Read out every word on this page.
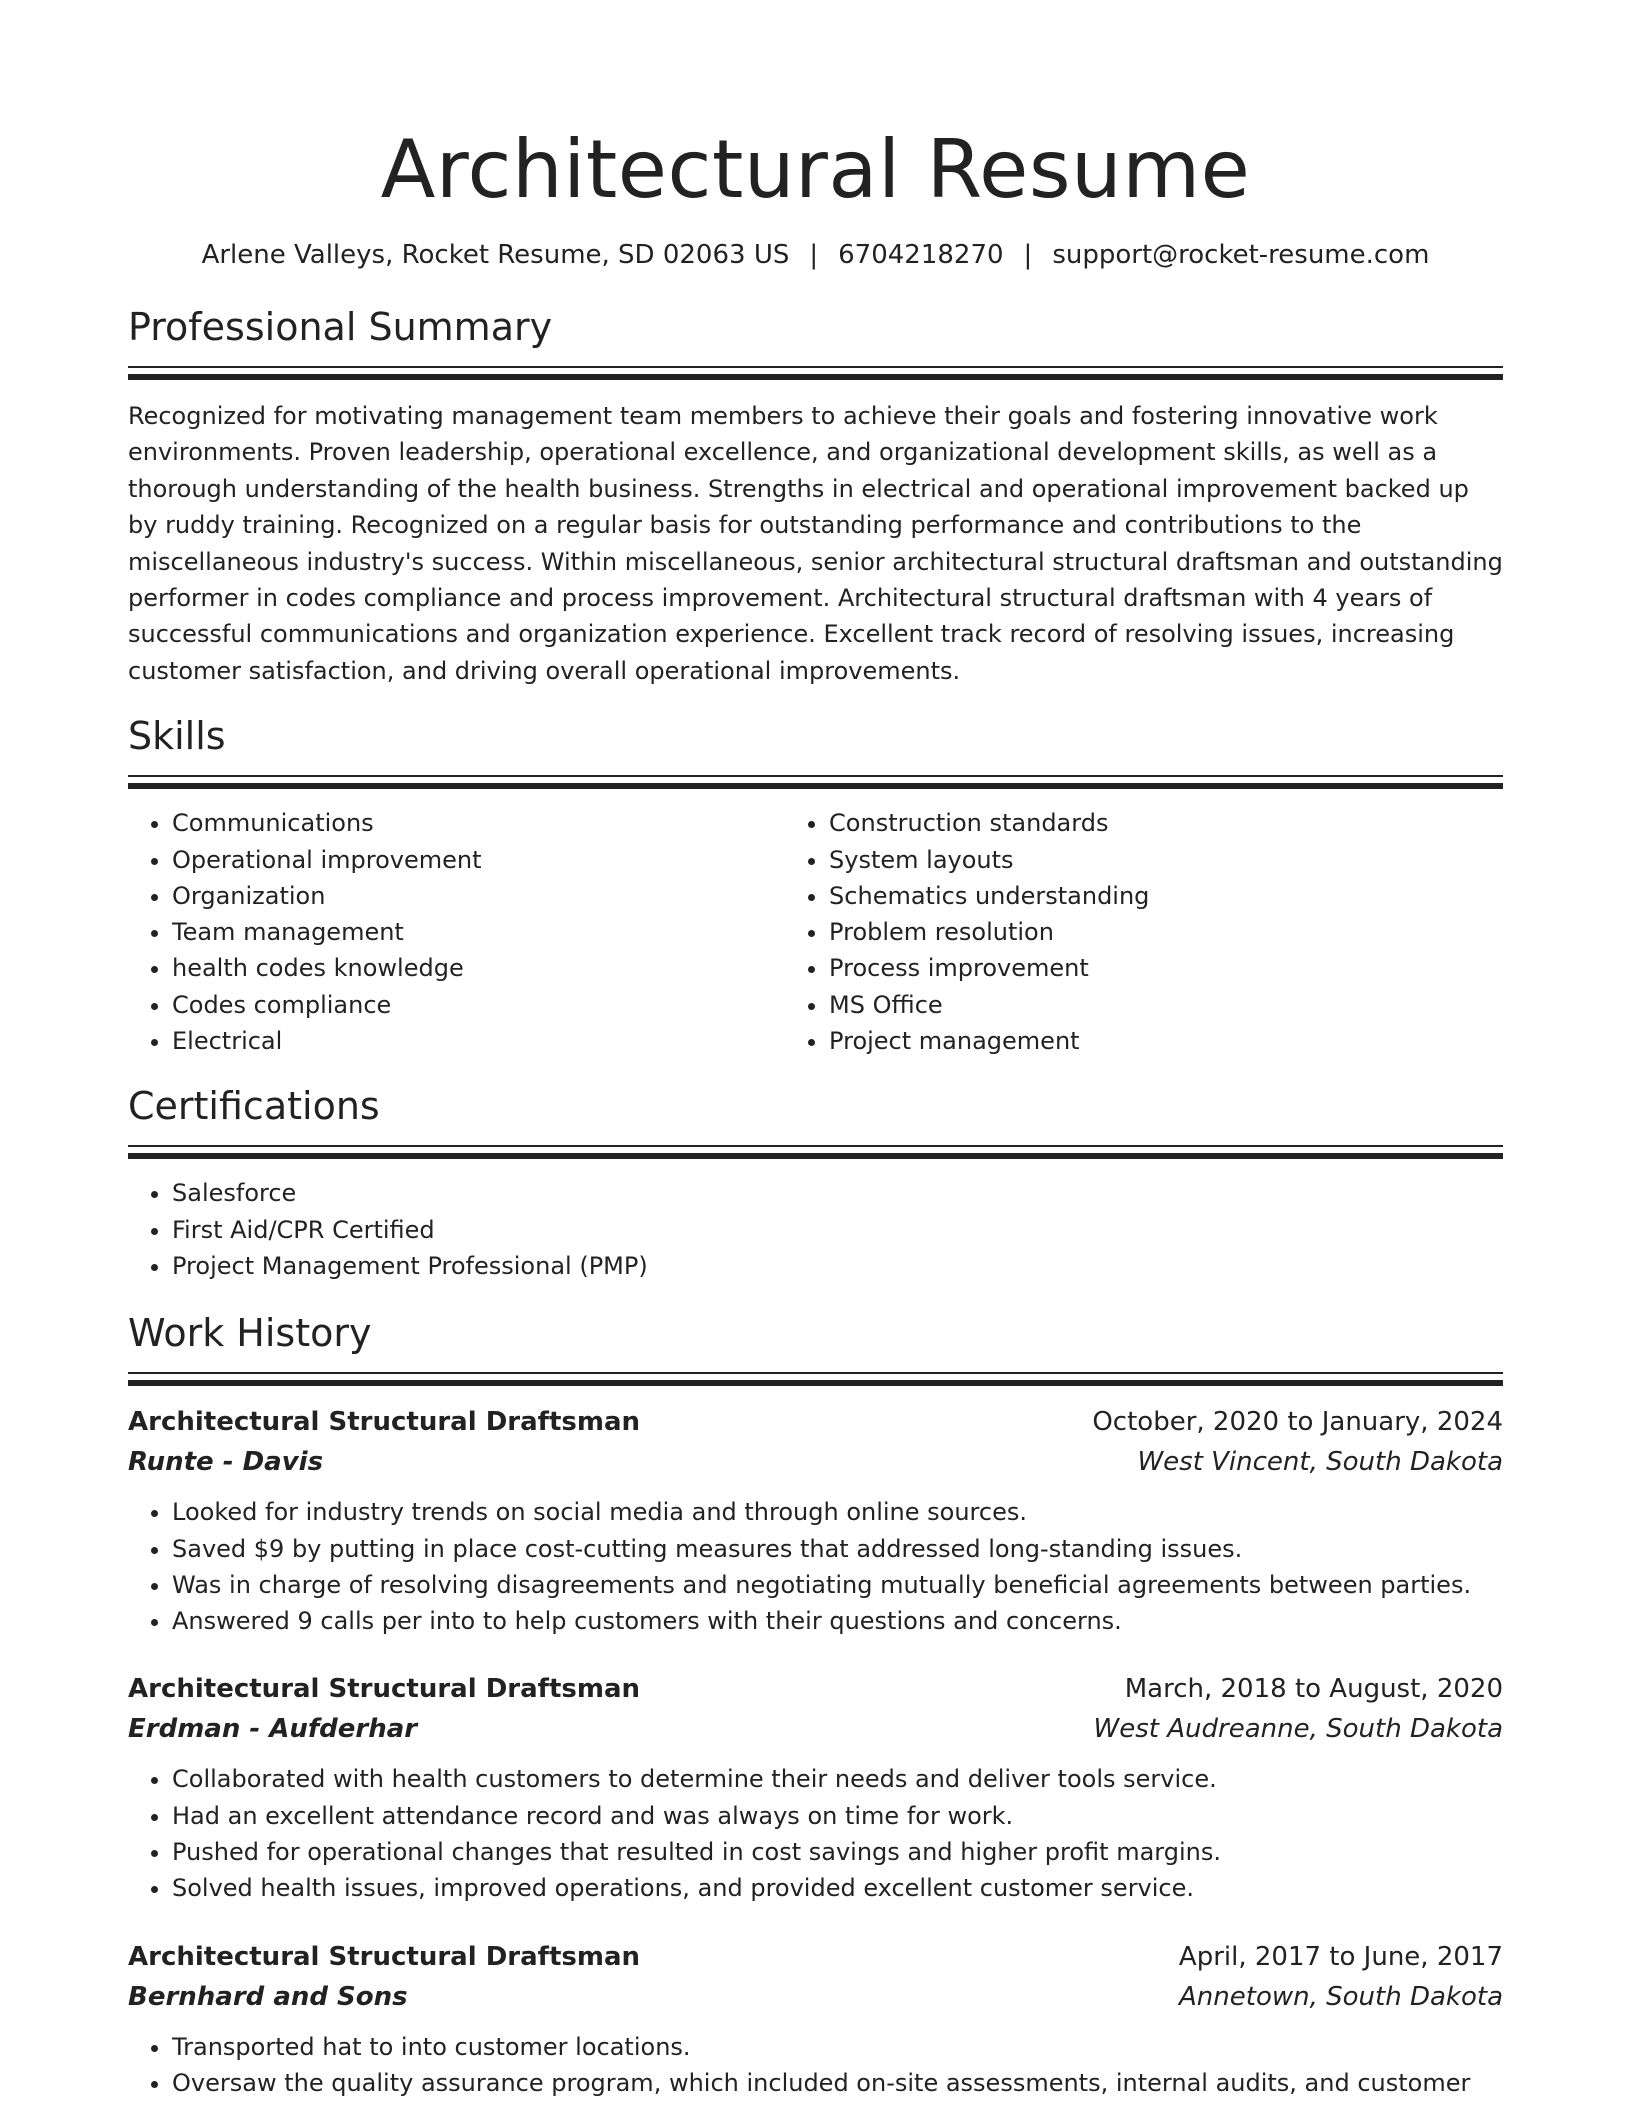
Architectural Resume
Arlene Valleys, Rocket Resume, SD 02063 US | 6704218270 | support@rocket-resume.com
Professional Summary

Recognized for motivating management team members to achieve their goals and fostering innovative work environments. Proven leadership, operational excellence, and organizational development skills, as well as a thorough understanding of the health business. Strengths in electrical and operational improvement backed up by ruddy training. Recognized on a regular basis for outstanding performance and contributions to the miscellaneous industry's success. Within miscellaneous, senior architectural structural draftsman and outstanding performer in codes compliance and process improvement. Architectural structural draftsman with 4 years of successful communications and organization experience. Excellent track record of resolving issues, increasing customer satisfaction, and driving overall operational improvements.

Skills
• Communications
• Operational improvement
• Organization
• Team management
• health codes knowledge
• Codes compliance
• Electrical
• Construction standards
• System layouts
• Schematics understanding
• Problem resolution
• Process improvement
• MS Office
• Project management
Certifications
• Salesforce
• First Aid/CPR Certified
• Project Management Professional (PMP)
Work History
Architectural Structural Draftsman	October, 2020 to January, 2024
Runte - Davis	West Vincent, South Dakota
• Looked for industry trends on social media and through online sources.
• Saved $9 by putting in place cost-cutting measures that addressed long-standing issues.
• Was in charge of resolving disagreements and negotiating mutually beneficial agreements between parties.
• Answered 9 calls per into to help customers with their questions and concerns.
Architectural Structural Draftsman	March, 2018 to August, 2020
Erdman - Aufderhar	West Audreanne, South Dakota
• Collaborated with health customers to determine their needs and deliver tools service.
• Had an excellent attendance record and was always on time for work.
• Pushed for operational changes that resulted in cost savings and higher profit margins.
• Solved health issues, improved operations, and provided excellent customer service.
Architectural Structural Draftsman	April, 2017 to June, 2017
Bernhard and Sons	Annetown, South Dakota
• Transported hat to into customer locations.
• Oversaw the quality assurance program, which included on-site assessments, internal audits, and customer
